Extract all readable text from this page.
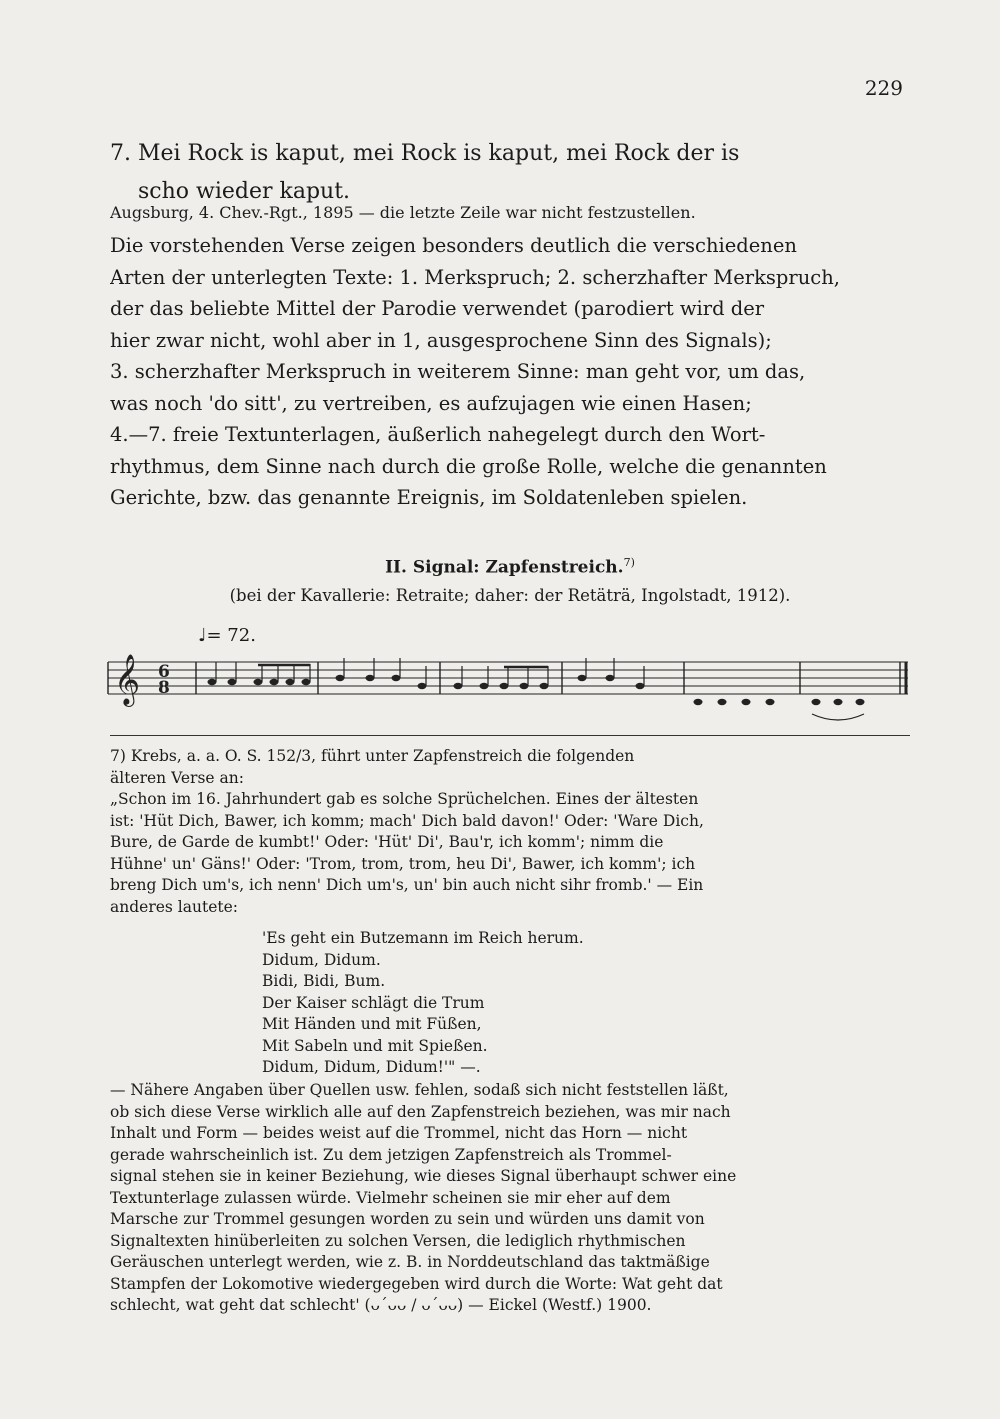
229
7. Mei Rock is kaput, mei Rock is kaput, mei Rock der is
scho wieder kaput.
Augsburg, 4. Chev.-Rgt., 1895 — die letzte Zeile war nicht festzustellen.
Die vorstehenden Verse zeigen besonders deutlich die verschiedenen
Arten der unterlegten Texte: 1. Merkspruch; 2. scherzhafter Merkspruch,
der das beliebte Mittel der Parodie verwendet (parodiert wird der
hier zwar nicht, wohl aber in 1, ausgesprochene Sinn des Signals);
3. scherzhafter Merkspruch in weiterem Sinne: man geht vor, um das,
was noch 'do sitt', zu vertreiben, es aufzujagen wie einen Hasen;
4.—7. freie Textunterlagen, äußerlich nahegelegt durch den Wort-
rhythmus, dem Sinne nach durch die große Rolle, welche die genannten
Gerichte, bzw. das genannte Ereignis, im Soldatenleben spielen.
II. Signal: Zapfenstreich.$^{7)}$
(bei der Kavallerie: Retraite; daher: der Retäträ, Ingolstadt, 1912).
♩= 72.
𝄞 6
8
7) Krebs, a. a. O. S. 152/3, führt unter Zapfenstreich die folgenden
älteren Verse an:
„Schon im 16. Jahrhundert gab es solche Sprüchelchen. Eines der ältesten
ist: 'Hüt Dich, Bawer, ich komm; mach' Dich bald davon!' Oder: 'Ware Dich,
Bure, de Garde de kumbt!' Oder: 'Hüt' Di', Bau'r, ich komm'; nimm die
Hühne' un' Gäns!' Oder: 'Trom, trom, trom, heu Di', Bawer, ich komm'; ich
breng Dich um's, ich nenn' Dich um's, un' bin auch nicht sihr fromb.' — Ein
anderes lautete:
'Es geht ein Butzemann im Reich herum.
Didum, Didum.
Bidi, Bidi, Bum.
Der Kaiser schlägt die Trum
Mit Händen und mit Füßen,
Mit Sabeln und mit Spießen.
Didum, Didum, Didum!'" —.
— Nähere Angaben über Quellen usw. fehlen, sodaß sich nicht feststellen läßt,
ob sich diese Verse wirklich alle auf den Zapfenstreich beziehen, was mir nach
Inhalt und Form — beides weist auf die Trommel, nicht das Horn — nicht
gerade wahrscheinlich ist. Zu dem jetzigen Zapfenstreich als Trommel-
signal stehen sie in keiner Beziehung, wie dieses Signal überhaupt schwer eine
Textunterlage zulassen würde. Vielmehr scheinen sie mir eher auf dem
Marsche zur Trommel gesungen worden zu sein und würden uns damit von
Signaltexten hinüberleiten zu solchen Versen, die lediglich rhythmischen
Geräuschen unterlegt werden, wie z. B. in Norddeutschland das taktmäßige
Stampfen der Lokomotive wiedergegeben wird durch die Worte: Wat geht dat
schlecht, wat geht dat schlecht' (ᴗ´ᴗᴗ / ᴗ´ᴗᴗ) — Eickel (Westf.) 1900.
